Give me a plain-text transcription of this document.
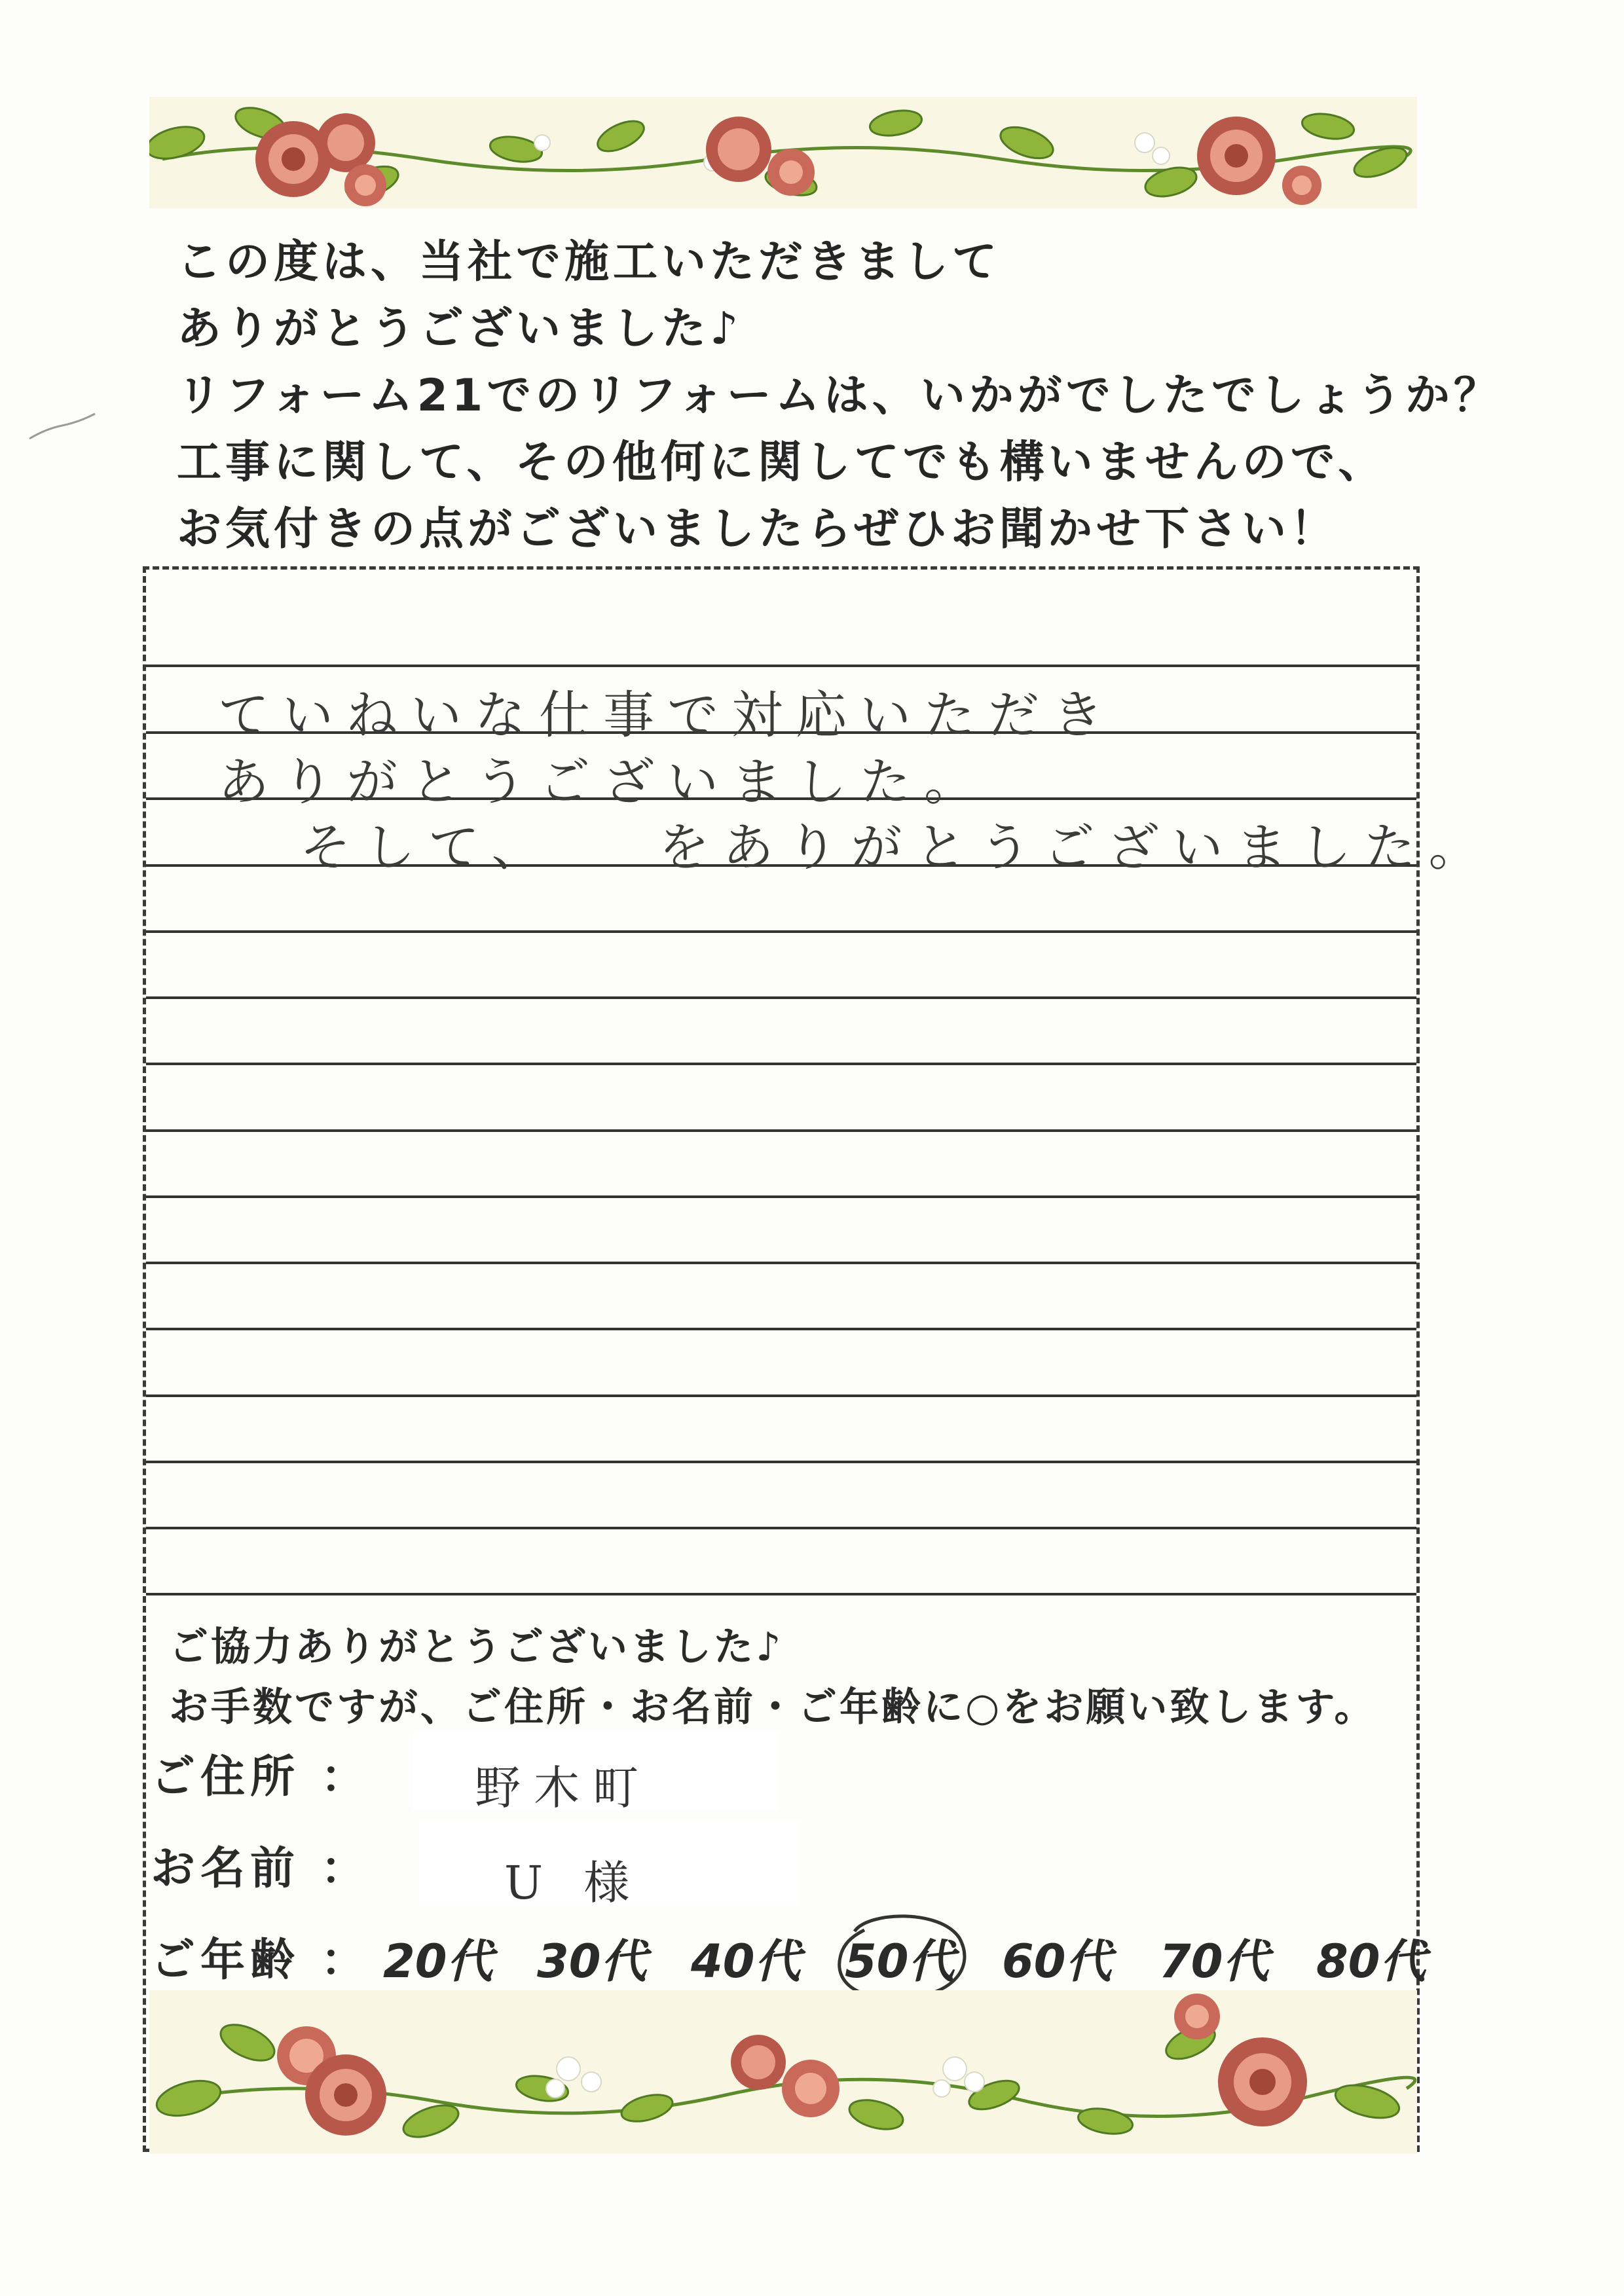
この度は、当社で施工いただきまして
ありがとうございました♪
リフォーム21でのリフォームは、いかがでしたでしょうか？
工事に関して、その他何に関してでも構いませんので、
お気付きの点がございましたらぜひお聞かせ下さい！
ていねいな仕事で対応いただき
ありがとうございました。
そして、　　をありがとうございました。
ご協力ありがとうございました♪
お手数ですが、ご住所・お名前・ご年齢に○をお願い致します。
ご住所 ： 野木町
お名前 ：	U 様
ご年齢 ： 20代 30代 40代 50代 60代 70代 80代
